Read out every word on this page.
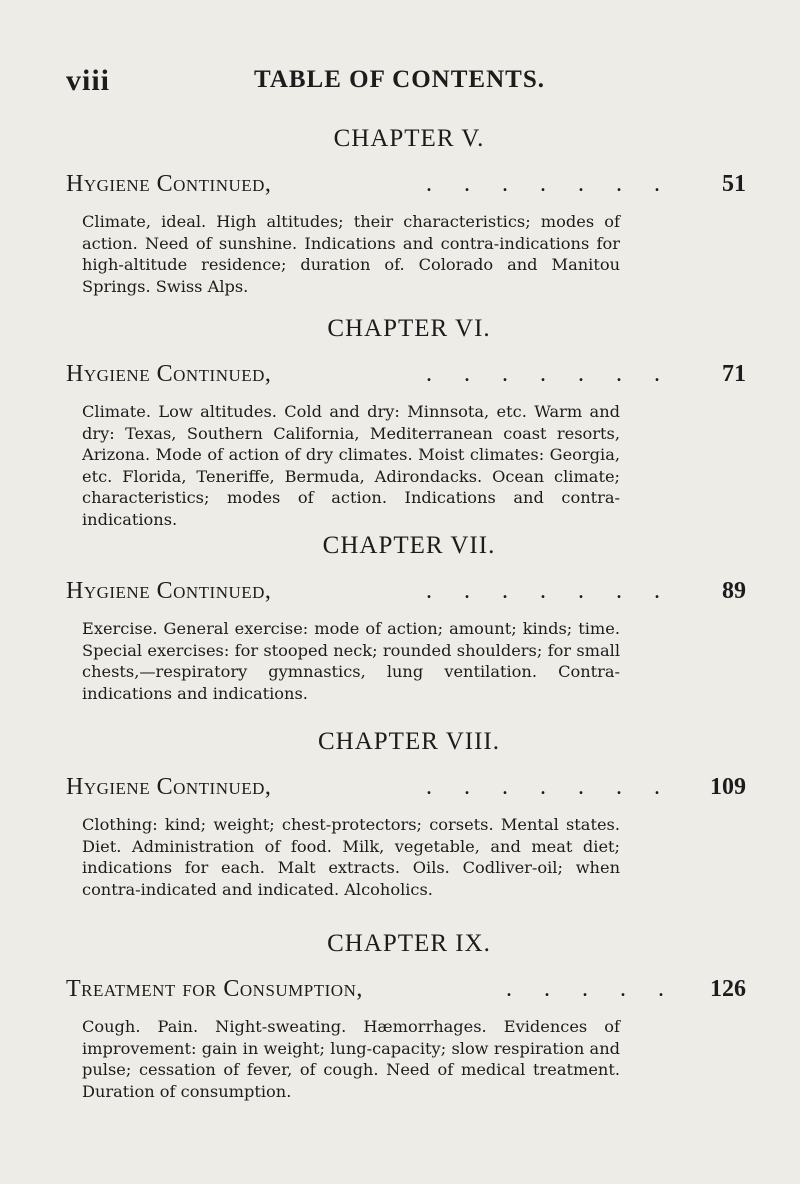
viii	TABLE OF CONTENTS.
CHAPTER V.
Hygiene Continued,	. . . . . . . 51
Climate, ideal. High altitudes; their characteristics; modes of action. Need of sunshine. Indications and contra-indications for high-altitude residence; duration of. Colorado and Manitou Springs. Swiss Alps.
CHAPTER VI.
Hygiene Continued,	. . . . . . . 71
Climate. Low altitudes. Cold and dry: Minnsota, etc. Warm and dry: Texas, Southern California, Mediterranean coast resorts, Arizona. Mode of action of dry climates. Moist climates: Georgia, etc. Florida, Teneriffe, Bermuda, Adirondacks. Ocean climate; characteristics; modes of action. Indications and contra-indications.
CHAPTER VII.
Hygiene Continued,	. . . . . . . 89
Exercise. General exercise: mode of action; amount; kinds; time. Special exercises: for stooped neck; rounded shoulders; for small chests,—respiratory gymnastics, lung ventilation. Contra-indications and indications.
CHAPTER VIII.
Hygiene Continued,	. . . . . . . 109
Clothing: kind; weight; chest-protectors; corsets. Mental states. Diet. Administration of food. Milk, vegetable, and meat diet; indications for each. Malt extracts. Oils. Codliver-oil; when contra-indicated and indicated. Alcoholics.
CHAPTER IX.
Treatment for Consumption,	. . . . . 126
Cough. Pain. Night-sweating. Hæmorrhages. Evidences of improvement: gain in weight; lung-capacity; slow respiration and pulse; cessation of fever, of cough. Need of medical treatment. Duration of consumption.
